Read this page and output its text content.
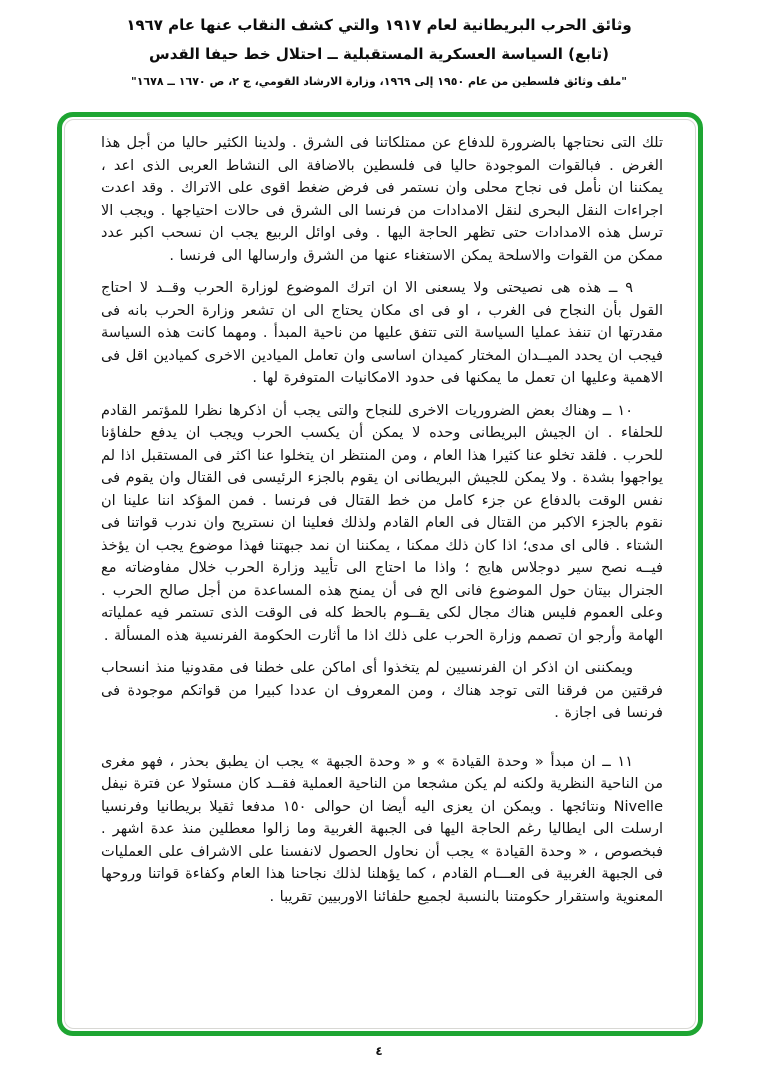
وثائق الحرب البريطانية لعام ١٩١٧ والتي كشف النقاب عنها عام ١٩٦٧
(تابع) السياسة العسكرية المستقبلية ــ احتلال خط حيفا القدس
"ملف وثائق فلسطين من عام ١٩٥٠ إلى ١٩٦٩، وزارة الارشاد القومي، ج ٢، ص ١٦٧٠ ــ ١٦٧٨"

تلك التى نحتاجها بالضرورة للدفاع عن ممتلكاتنا فى الشرق . ولدينا الكثير حاليا من أجل هذا الغرض . فبالقوات الموجودة حاليا فى فلسطين بالاضافة الى النشاط العربى الذى اعد ، يمكننا ان نأمل فى نجاح محلى وان نستمر فى فرض ضغط اقوى على الاتراك . وقد اعدت اجراءات النقل البحرى لنقل الامدادات من فرنسا الى الشرق فى حالات احتياجها . ويجب الا ترسل هذه الامدادات حتى تظهر الحاجة اليها . وفى اوائل الربيع يجب ان نسحب اكبر عدد ممكن من القوات والاسلحة يمكن الاستغناء عنها من الشرق وارسالها الى فرنسا .

٩ ــ هذه هى نصيحتى ولا يسعنى الا ان اترك الموضوع لوزارة الحرب وقــد لا احتاج القول بأن النجاح فى الغرب ، او فى اى مكان يحتاج الى ان تشعر وزارة الحرب بانه فى مقدرتها ان تنفذ عمليا السياسة التى تتفق عليها من ناحية المبدأ . ومهما كانت هذه السياسة فيجب ان يحدد الميــدان المختار كميدان اساسى وان تعامل الميادين الاخرى كميادين اقل فى الاهمية وعليها ان تعمل ما يمكنها فى حدود الامكانيات المتوفرة لها .

١٠ ــ وهناك بعض الضروريات الاخرى للنجاح والتى يجب أن اذكرها نظرا للمؤتمر القادم للحلفاء . ان الجيش البريطانى وحده لا يمكن أن يكسب الحرب ويجب ان يدفع حلفاؤنا للحرب . فلقد تخلو عنا كثيرا هذا العام ، ومن المنتظر ان يتخلوا عنا اكثر فى المستقبل اذا لم يواجهوا بشدة . ولا يمكن للجيش البريطانى ان يقوم بالجزء الرئيسى فى القتال وان يقوم فى نفس الوقت بالدفاع عن جزء كامل من خط القتال فى فرنسا . فمن المؤكد اننا علينا ان نقوم بالجزء الاكبر من القتال فى العام القادم ولذلك فعلينا ان نستريح وان ندرب قواتنا فى الشتاء . فالى اى مدى؛ اذا كان ذلك ممكنا ، يمكننا ان نمد جبهتنا فهذا موضوع يجب ان يؤخذ فيــه نصح سير دوجلاس هايج ؛ واذا ما احتاج الى تأييد وزارة الحرب خلال مفاوضاته مع الجنرال بيتان حول الموضوع فانى الح فى أن يمنح هذه المساعدة من أجل صالح الحرب . وعلى العموم فليس هناك مجال لكى يقــوم بالحظ كله فى الوقت الذى تستمر فيه عملياته الهامة وأرجو ان تصمم وزارة الحرب على ذلك اذا ما أثارت الحكومة الفرنسية هذه المسألة .

ويمكننى ان اذكر ان الفرنسيين لم يتخذوا أى اماكن على خطنا فى مقدونيا منذ انسحاب فرقتين من فرقنا التى توجد هناك ، ومن المعروف ان عددا كبيرا من قواتكم موجودة فى فرنسا فى اجازة .

١١ ــ ان مبدأ « وحدة القيادة » و « وحدة الجبهة » يجب ان يطبق بحذر ، فهو مغرى من الناحية النظرية ولكنه لم يكن مشجعا من الناحية العملية فقــد كان مسئولا عن فترة نيفل Nivelle ونتائجها . ويمكن ان يعزى اليه أيضا ان حوالى ١٥٠ مدفعا ثقيلا بريطانيا وفرنسيا ارسلت الى ايطاليا رغم الحاجة اليها فى الجبهة الغربية وما زالوا معطلين منذ عدة اشهر . فبخصوص ، « وحدة القيادة » يجب أن نحاول الحصول لانفسنا على الاشراف على العمليات فى الجبهة الغربية فى العـــام القادم ، كما يؤهلنا لذلك نجاحنا هذا العام وكفاءة قواتنا وروحها المعنوية واستقرار حكومتنا بالنسبة لجميع حلفائنا الاوربيين تقريبا .

٤
